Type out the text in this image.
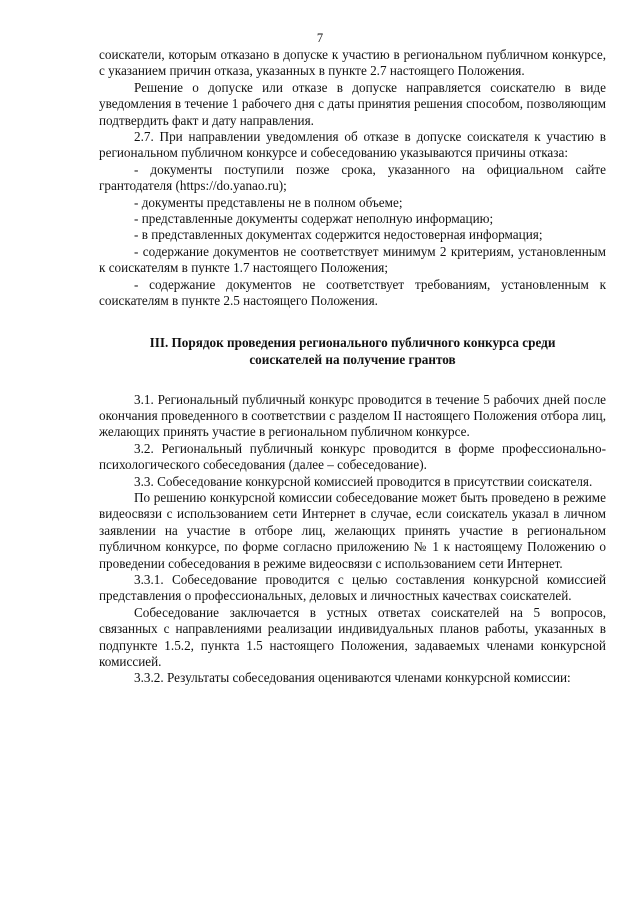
7

соискатели, которым отказано в допуске к участию в региональном публичном конкурсе, с указанием причин отказа, указанных в пункте 2.7 настоящего Положения.

Решение о допуске или отказе в допуске направляется соискателю в виде уведомления в течение 1 рабочего дня с даты принятия решения способом, позволяющим подтвердить факт и дату направления.

2.7. При направлении уведомления об отказе в допуске соискателя к участию в региональном публичном конкурсе и собеседованию указываются причины отказа:

- документы поступили позже срока, указанного на официальном сайте грантодателя (https://do.yanao.ru);

- документы представлены не в полном объеме;

- представленные документы содержат неполную информацию;

- в представленных документах содержится недостоверная информация;

- содержание документов не соответствует минимум 2 критериям, установленным к соискателям в пункте 1.7 настоящего Положения;

- содержание документов не соответствует требованиям, установленным к соискателям в пункте 2.5 настоящего Положения.

III. Порядок проведения регионального публичного конкурса среди
соискателей на получение грантов

3.1. Региональный публичный конкурс проводится в течение 5 рабочих дней после окончания проведенного в соответствии с разделом II настоящего Положения отбора лиц, желающих принять участие в региональном публичном конкурсе.

3.2. Региональный публичный конкурс проводится в форме профессионально-психологического собеседования (далее – собеседование).

3.3. Собеседование конкурсной комиссией проводится в присутствии соискателя.

По решению конкурсной комиссии собеседование может быть проведено в режиме видеосвязи с использованием сети Интернет в случае, если соискатель указал в личном заявлении на участие в отборе лиц, желающих принять участие в региональном публичном конкурсе, по форме согласно приложению № 1 к настоящему Положению о проведении собеседования в режиме видеосвязи с использованием сети Интернет.

3.3.1. Собеседование проводится с целью составления конкурсной комиссией представления о профессиональных, деловых и личностных качествах соискателей.

Собеседование заключается в устных ответах соискателей на 5 вопросов, связанных с направлениями реализации индивидуальных планов работы, указанных в подпункте 1.5.2, пункта 1.5 настоящего Положения, задаваемых членами конкурсной комиссией.

3.3.2. Результаты собеседования оцениваются членами конкурсной комиссии:
